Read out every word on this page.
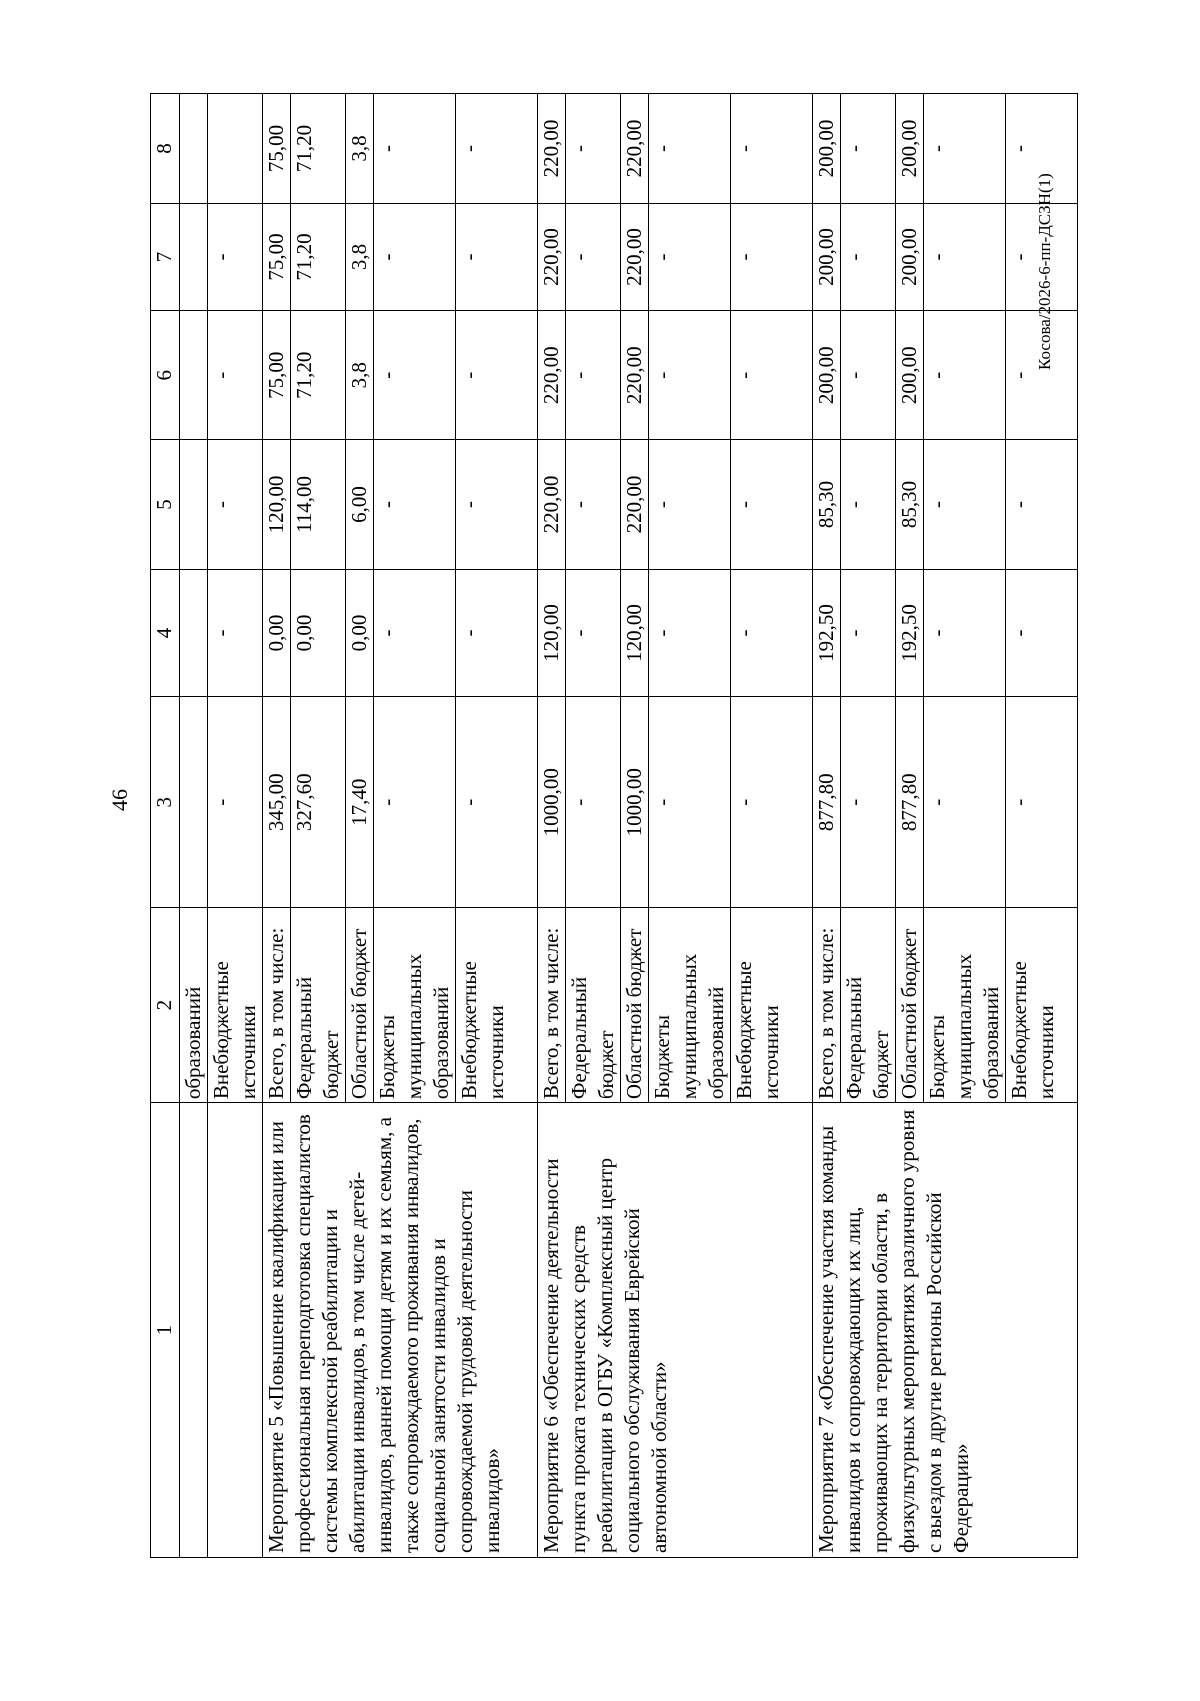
46
Косова/2026-6-пп-ДСЗН(1)
1	2	3	4	5	6	7	8
	образований						
	Внебюджетные источники	-	-	-	-	-	
Мероприятие 5 «Повышение квалификации или профессиональная переподготовка специалистов системы комплексной реабилитации и абилитации инвалидов, в том числе детей-инвалидов, ранней помощи детям и их семьям, а также сопровождаемого проживания инвалидов, социальной занятости инвалидов и сопровождаемой трудовой деятельности инвалидов»	Всего, в том числе:	345,00	0,00	120,00	75,00	75,00	75,00
	Федеральный бюджет	327,60	0,00	114,00	71,20	71,20	71,20
	Областной бюджет	17,40	0,00	6,00	3,8	3,8	3,8
	Бюджеты муниципальных образований	-	-	-	-	-	-
	Внебюджетные источники	-	-	-	-	-	-
Мероприятие 6 «Обеспечение деятельности пункта проката технических средств реабилитации в ОГБУ «Комплексный центр социального обслуживания Еврейской автономной области»	Всего, в том числе:	1000,00	120,00	220,00	220,00	220,00	220,00
	Федеральный бюджет	-	-	-	-	-	-
	Областной бюджет	1000,00	120,00	220,00	220,00	220,00	220,00
	Бюджеты муниципальных образований	-	-	-	-	-	-
	Внебюджетные источники	-	-	-	-	-	-
Мероприятие 7 «Обеспечение участия команды инвалидов и сопровождающих их лиц, проживающих на территории области, в физкультурных мероприятиях различного уровня с выездом в другие регионы Российской Федерации»	Всего, в том числе:	877,80	192,50	85,30	200,00	200,00	200,00
	Федеральный бюджет	-	-	-	-	-	-
	Областной бюджет	877,80	192,50	85,30	200,00	200,00	200,00
	Бюджеты муниципальных образований	-	-	-	-	-	-
	Внебюджетные источники	-	-	-	-	-	-
